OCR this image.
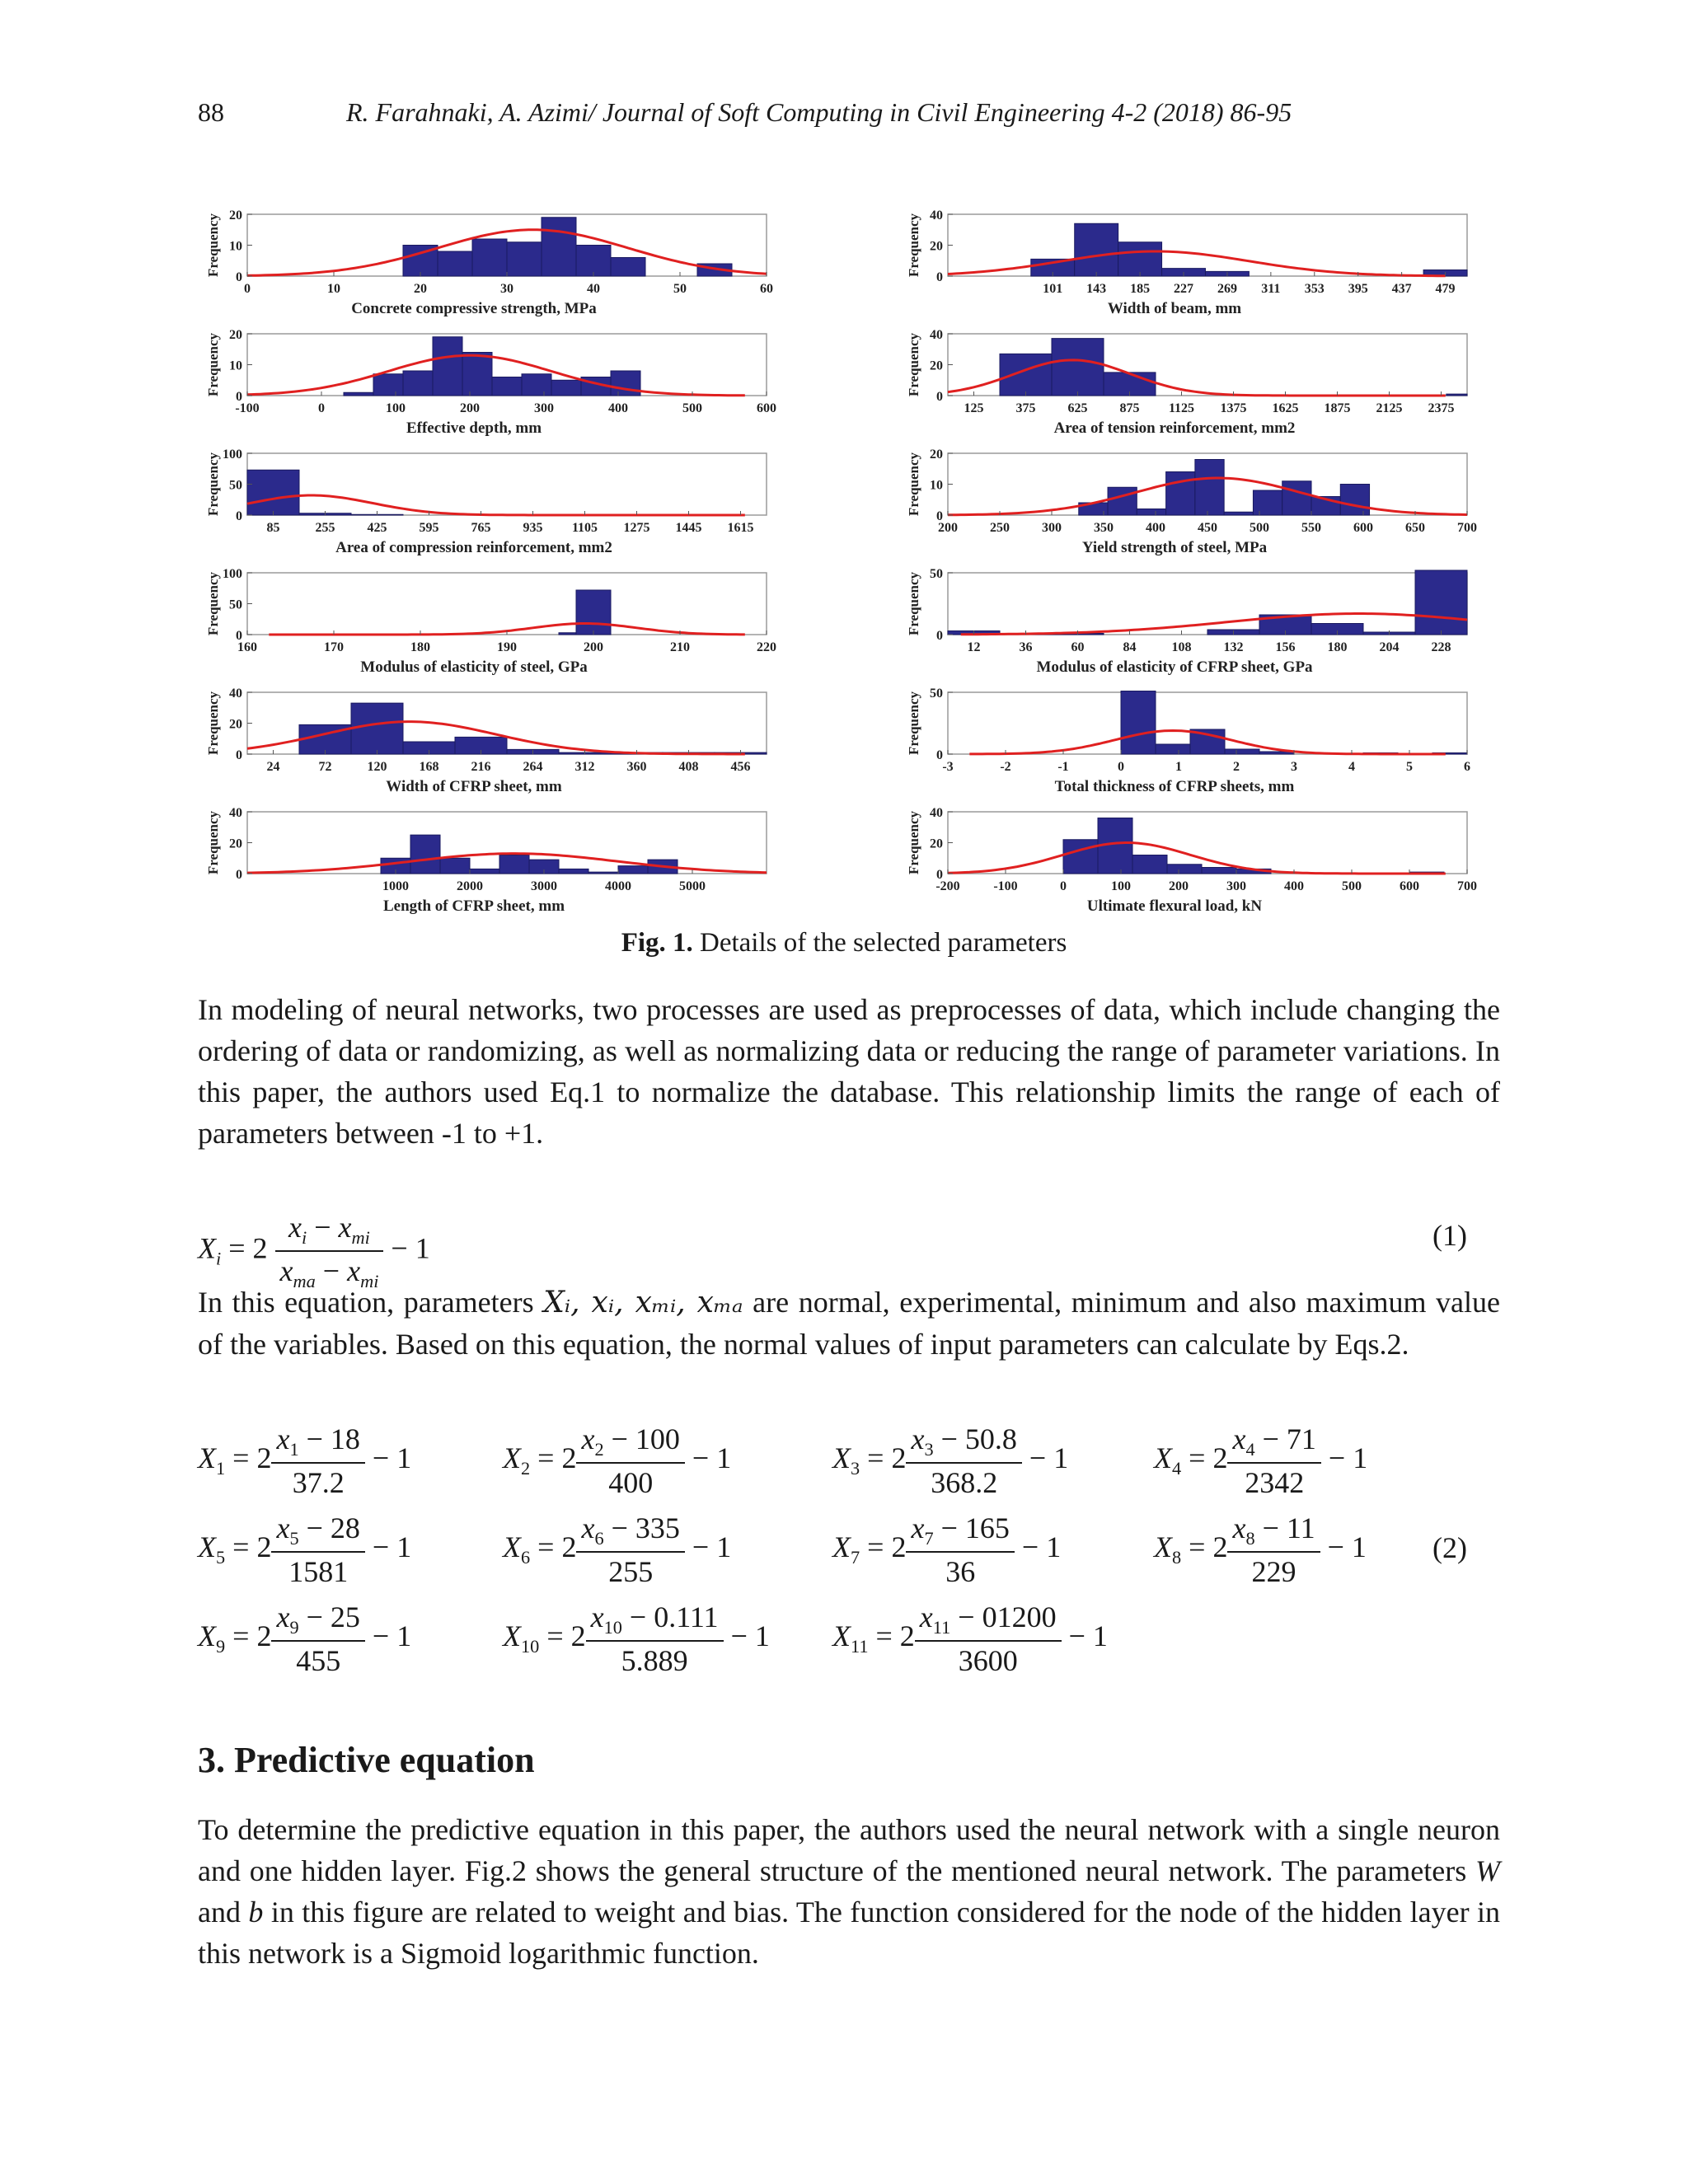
88	R. Farahnaki, A. Azimi/ Journal of Soft Computing in Civil Engineering 4-2 (2018) 86-95
0
10
20
0	10	20	30	40	50	60
Concrete compressive strength, MPa
Frequency
0
20
40
101 143 185 227 269 311 353 395 437 479
Width of beam, mm
Frequency
0
10
20
-100	0	100	200	300	400	500	600
Effective depth, mm
Frequency
0
20
40
125 375 625 875 1125 1375 1625 1875 2125 2375
Area of tension reinforcement, mm2
Frequency
0
50
100
85	255 425 595 765 935 1105 1275 1445 1615
Area of compression reinforcement, mm2
Frequency
0
10
20
200 250 300 350 400 450 500 550 600 650 700
Yield strength of steel, MPa
Frequency
0
50
100
160	170	180	190	200	210	220
Modulus of elasticity of steel, GPa
Frequency
0
50
12	36	60	84	108 132 156 180 204 228
Modulus of elasticity of CFRP sheet, GPa
Frequency
0
20
40
24	72	120 168 216 264 312 360 408 456
Width of CFRP sheet, mm
Frequency
0
50
-3	-2	-1	0	1	2	3	4	5	6
Total thickness of CFRP sheets, mm
Frequency
0
20
40
1000	2000	3000	4000	5000
Length of CFRP sheet, mm
Frequency
0
20
40
-200	-100	0	100	200	300	400	500	600	700
Ultimate flexural load, kN
Frequency
Fig. 1. Details of the selected parameters
In modeling of neural networks, two processes are used as preprocesses of data, which include changing the ordering of data or randomizing, as well as normalizing data or reducing the range of parameter variations. In this paper, the authors used Eq.1 to normalize the database. This relationship limits the range of each of parameters between -1 to +1.
$X_i = 2 \frac{x_i - x_{mi}}{x_{ma} - x_{mi}} - 1$	(1)
In this equation, parameters Xᵢ, xᵢ, xₘᵢ, xₘₐ are normal, experimental, minimum and also maximum value of the variables. Based on this equation, the normal values of input parameters can calculate by Eqs.2.
$X_1 = 2 \frac{x_1 - 18}{37.2} - 1$	$X_2 = 2 \frac{x_2 - 100}{400} - 1$	$X_3 = 2 \frac{x_3 - 50.8}{368.2} - 1$	$X_4 = 2 \frac{x_4 - 71}{2342} - 1$
$X_5 = 2 \frac{x_5 - 28}{1581} - 1$	$X_6 = 2 \frac{x_6 - 335}{255} - 1$	$X_7 = 2 \frac{x_7 - 165}{36} - 1$	$X_8 = 2 \frac{x_8 - 11}{229} - 1$
$X_9 = 2 \frac{x_9 - 25}{455} - 1$	$X_{10} = 2 \frac{x_{10} - 0.111}{5.889} - 1$ $X_{11} = 2 \frac{x_{11} - 01200}{3600} - 1$
(2)
3. Predictive equation
To determine the predictive equation in this paper, the authors used the neural network with a single neuron and one hidden layer. Fig.2 shows the general structure of the mentioned neural network. The parameters W and b in this figure are related to weight and bias. The function considered for the node of the hidden layer in this network is a Sigmoid logarithmic function.
